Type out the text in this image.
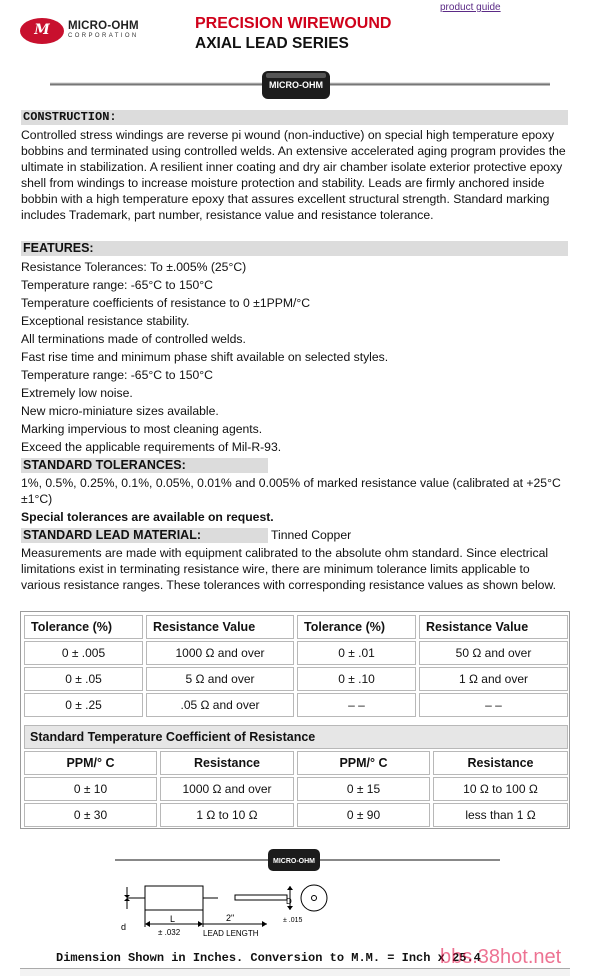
M	MICRO-OHM
CORPORATION
product guide
PRECISION WIREWOUND
AXIAL LEAD SERIES
MICRO-OHM
CONSTRUCTION:
Controlled stress windings are reverse pi wound (non-inductive) on special high temperature epoxy bobbins and terminated using controlled welds. An extensive accelerated aging program provides the ultimate in stabilization. A resilient inner coating and dry air chamber isolate exterior protective epoxy shell from windings to increase moisture protection and stability. Leads are firmly anchored inside bobbin with a high temperature epoxy that assures excellent structural strength. Standard marking includes Trademark, part number, resistance value and resistance tolerance.
FEATURES:
Resistance Tolerances: To ±.005% (25°C)
Temperature range: -65°C to 150°C
Temperature coefficients of resistance to 0 ±1PPM/°C
Exceptional resistance stability.
All terminations made of controlled welds.
Fast rise time and minimum phase shift available on selected styles.
Temperature range: -65°C to 150°C
Extremely low noise.
New micro-miniature sizes available.
Marking impervious to most cleaning agents.
Exceed the applicable requirements of Mil-R-93.
STANDARD TOLERANCES:
1%, 0.5%, 0.25%, 0.1%, 0.05%, 0.01% and 0.005% of marked resistance value (calibrated at +25°C ±1°C)
Special tolerances are available on request.
STANDARD LEAD MATERIAL:	Tinned Copper
Measurements are made with equipment calibrated to the absolute ohm standard. Since electrical limitations exist in terminating resistance wire, there are minimum tolerance limits applicable to various resistance ranges. These tolerances with corresponding resistance values as shown below.
Tolerance (%)	Resistance Value	Tolerance (%)	Resistance Value
0 ± .005	1000 Ω and over	0 ± .01	50 Ω and over
0 ± .05	5 Ω and over	0 ± .10	1 Ω and over
0 ± .25	.05 Ω and over	– –	– –
Standard Temperature Coefficient of Resistance
PPM/° C	Resistance	PPM/° C	Resistance
0 ± 10	1000 Ω and over	0 ± 15	10 Ω to 100 Ω
0 ± 30	1 Ω to 10 Ω	0 ± 90	less than 1 Ω
MICRO-OHM
d
L
± .032
2"
LEAD LENGTH
D
± .015
Dimension Shown in Inches. Conversion to M.M. = Inch x 25.4
bbs.38hot.net
